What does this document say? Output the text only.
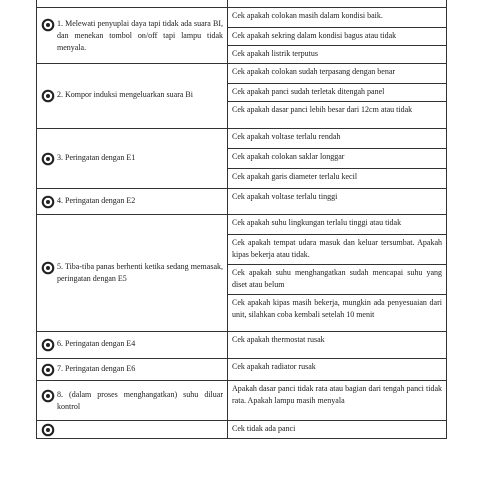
1. Melewati penyuplai daya tapi tidak ada suara BI, dan menekan tombol on/off tapi lampu tidak menyala.	Cek apakah colokan masih dalam kondisi baik.
	Cek apakah sekring dalam kondisi bagus atau tidak
	Cek apakah listrik terputus

2. Kompor induksi mengeluarkan suara Bi	Cek apakah colokan sudah terpasang dengan benar
	Cek apakah panci sudah terletak ditengah panel
	Cek apakah dasar panci lebih besar dari 12cm atau tidak

3. Peringatan dengan E1	Cek apakah voltase terlalu rendah
	Cek apakah colokan saklar longgar
	Cek apakah garis diameter terlalu kecil

4. Peringatan dengan E2	Cek apakah voltase terlalu tinggi

5. Tiba-tiba panas berhenti ketika sedang memasak, peringatan dengan E5	Cek apakah suhu lingkungan terlalu tinggi atau tidak
	Cek apakah tempat udara masuk dan keluar tersumbat. Apakah kipas bekerja atau tidak.
	Cek apakah suhu menghangatkan sudah mencapai suhu yang diset atau belum
	Cek apakah kipas masih bekerja, mungkin ada penyesuaian dari unit, silahkan coba kembali setelah 10 menit

6. Peringatan dengan E4	Cek apakah thermostat rusak

7. Peringatan dengan E6	Cek apakah radiator rusak

8. (dalam proses menghangatkan) suhu diluar kontrol	Apakah dasar panci tidak rata atau bagian dari tengah panci tidak rata. Apakah lampu masih menyala

	Cek tidak ada panci
